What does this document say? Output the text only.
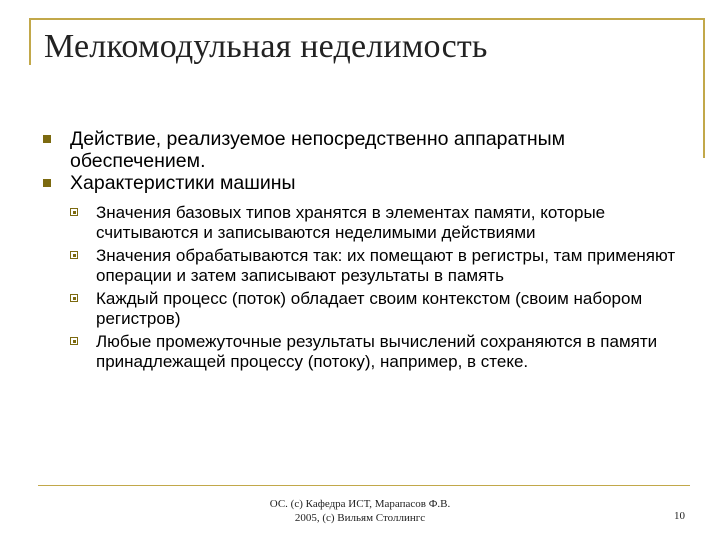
Мелкомодульная неделимость
Действие, реализуемое непосредственно аппаратным обеспечением.
Характеристики машины
Значения базовых типов хранятся в элементах памяти, которые считываются и записываются неделимыми действиями
Значения обрабатываются так: их помещают в регистры, там применяют операции и затем записывают результаты в память
Каждый процесс (поток) обладает своим контекстом (своим набором регистров)
Любые промежуточные результаты вычислений сохраняются в памяти принадлежащей процессу (потоку), например, в стеке.
ОС. (c) Кафедра ИСТ, Марапасов Ф.В.
2005, (c) Вильям Столлингс	10
